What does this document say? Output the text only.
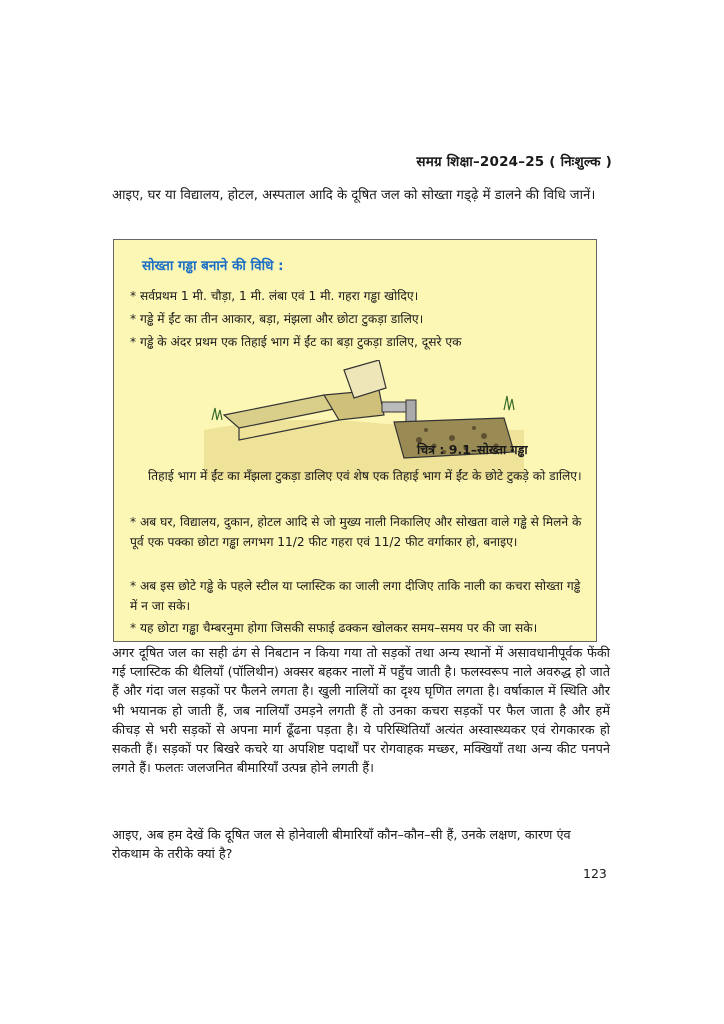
समग्र शिक्षा–2024–25 ( निःशुल्क )
आइए, घर या विद्यालय, होटल, अस्पताल आदि के दूषित जल को सोख्ता गड्ढ़े में डालने की विधि जानें।
सोख्ता गड्ढा बनाने की विधि :

* सर्वप्रथम 1 मी. चौड़ा, 1 मी. लंबा एवं 1 मी. गहरा गड्ढा खोदिए।

* गड्ढे में ईंट का तीन आकार, बड़ा, मंझला और छोटा टुकड़ा डालिए।

* गड्ढे के अंदर प्रथम एक तिहाई भाग में ईंट का बड़ा टुकड़ा डालिए, दूसरे एक

चित्र : 9.1–सोख्ता गड्ढा

तिहाई भाग में ईंट का मँझला टुकड़ा डालिए एवं शेष एक तिहाई भाग में ईंट के छोटे टुकड़े को डालिए।

* अब घर, विद्यालय, दुकान, होटल आदि से जो मुख्य नाली निकालिए और सोखता वाले गड्ढे से मिलने के पूर्व एक पक्का छोटा गड्ढा लगभग 11/2 फीट गहरा एवं 11/2 फीट वर्गाकार हो, बनाइए।

* अब इस छोटे गड्ढे के पहले स्टील या प्लास्टिक का जाली लगा दीजिए ताकि नाली का कचरा सोख्ता गड्ढे में न जा सके।

* यह छोटा गड्ढा चैम्बरनुमा होगा जिसकी सफाई ढक्कन खोलकर समय–समय पर की जा सके।

अगर दूषित जल का सही ढंग से निबटान न किया गया तो सड़कों तथा अन्य स्थानों में असावधानीपूर्वक फेंकी गई प्लास्टिक की थैलियाँ (पॉलिथीन) अक्सर बहकर नालों में पहुँच जाती है। फलस्वरूप नाले अवरुद्ध हो जाते हैं और गंदा जल सड़कों पर फैलने लगता है। खुली नालियों का दृश्य घृणित लगता है। वर्षाकाल में स्थिति और भी भयानक हो जाती हैं, जब नालियाँ उमड़ने लगती हैं तो उनका कचरा सड़कों पर फैल जाता है और हमें कीचड़ से भरी सड़कों से अपना मार्ग ढूँढना पड़ता है। ये परिस्थितियाँ अत्यंत अस्वास्थ्यकर एवं रोगकारक हो सकती हैं। सड़कों पर बिखरे कचरे या अपशिष्ट पदार्थों पर रोगवाहक मच्छर, मक्खियाँ तथा अन्य कीट पनपने लगते हैं। फलतः जलजनित बीमारियाँ उत्पन्न होने लगती हैं।
आइए, अब हम देखें कि दूषित जल से होनेवाली बीमारियाँ कौन–कौन–सी हैं, उनके लक्षण, कारण एंव रोकथाम के तरीके क्यां है?
123
